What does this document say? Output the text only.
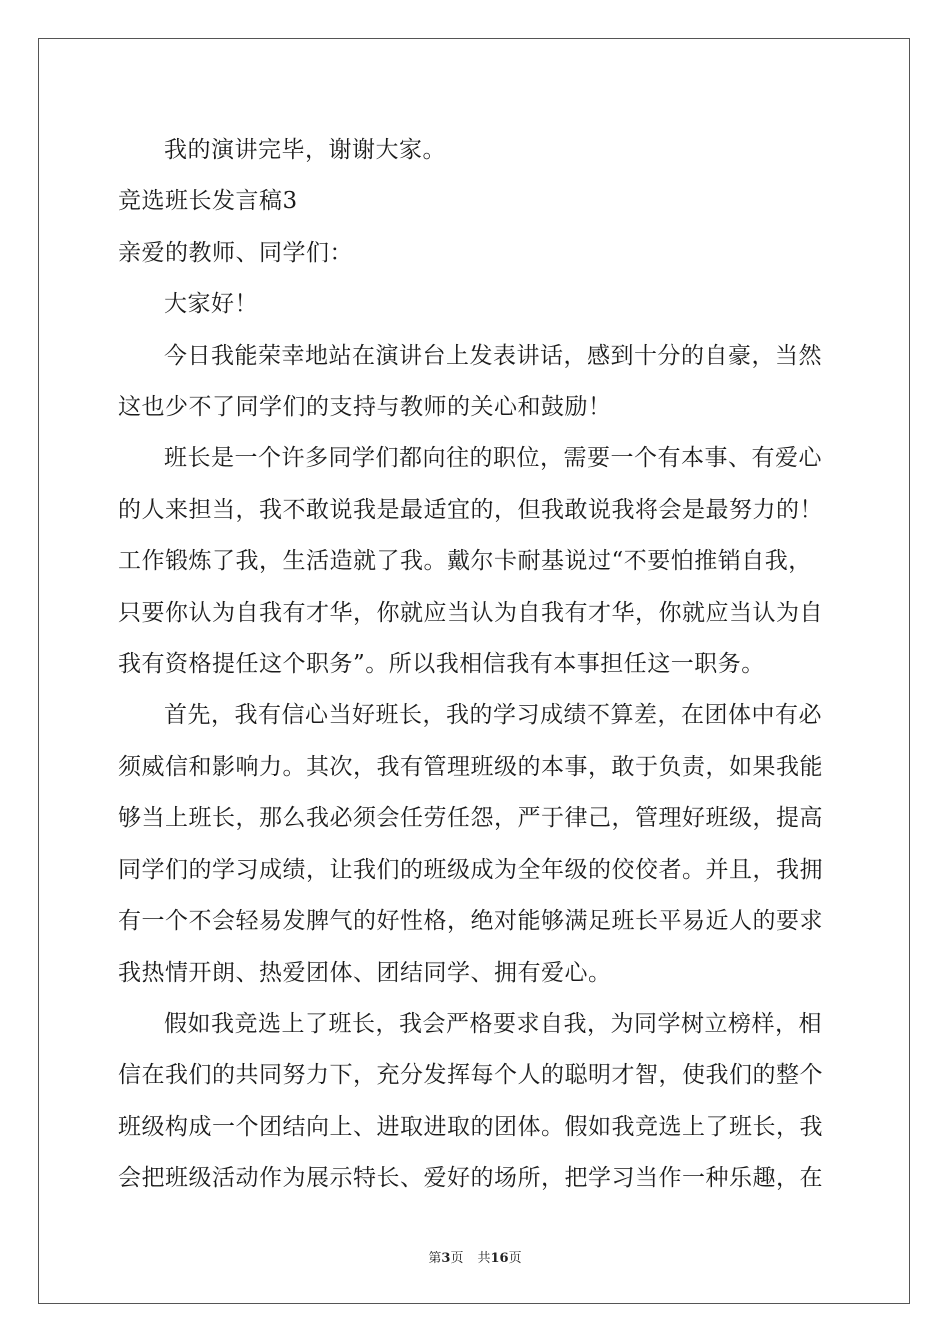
我的演讲完毕，谢谢大家。

竞选班长发言稿3

亲爱的教师、同学们：

大家好！

今日我能荣幸地站在演讲台上发表讲话，感到十分的自豪，当然
这也少不了同学们的支持与教师的关心和鼓励！

班长是一个许多同学们都向往的职位，需要一个有本事、有爱心
的人来担当，我不敢说我是最适宜的，但我敢说我将会是最努力的！
工作锻炼了我，生活造就了我。戴尔卡耐基说过“不要怕推销自我，
只要你认为自我有才华，你就应当认为自我有才华，你就应当认为自
我有资格提任这个职务”。所以我相信我有本事担任这一职务。

首先，我有信心当好班长，我的学习成绩不算差，在团体中有必
须威信和影响力。其次，我有管理班级的本事，敢于负责，如果我能
够当上班长，那么我必须会任劳任怨，严于律己，管理好班级，提高
同学们的学习成绩，让我们的班级成为全年级的佼佼者。并且，我拥
有一个不会轻易发脾气的好性格，绝对能够满足班长平易近人的要求
我热情开朗、热爱团体、团结同学、拥有爱心。

假如我竞选上了班长，我会严格要求自我，为同学树立榜样，相
信在我们的共同努力下，充分发挥每个人的聪明才智，使我们的整个
班级构成一个团结向上、进取进取的团体。假如我竞选上了班长，我
会把班级活动作为展示特长、爱好的场所，把学习当作一种乐趣，在

第3页 共16页
